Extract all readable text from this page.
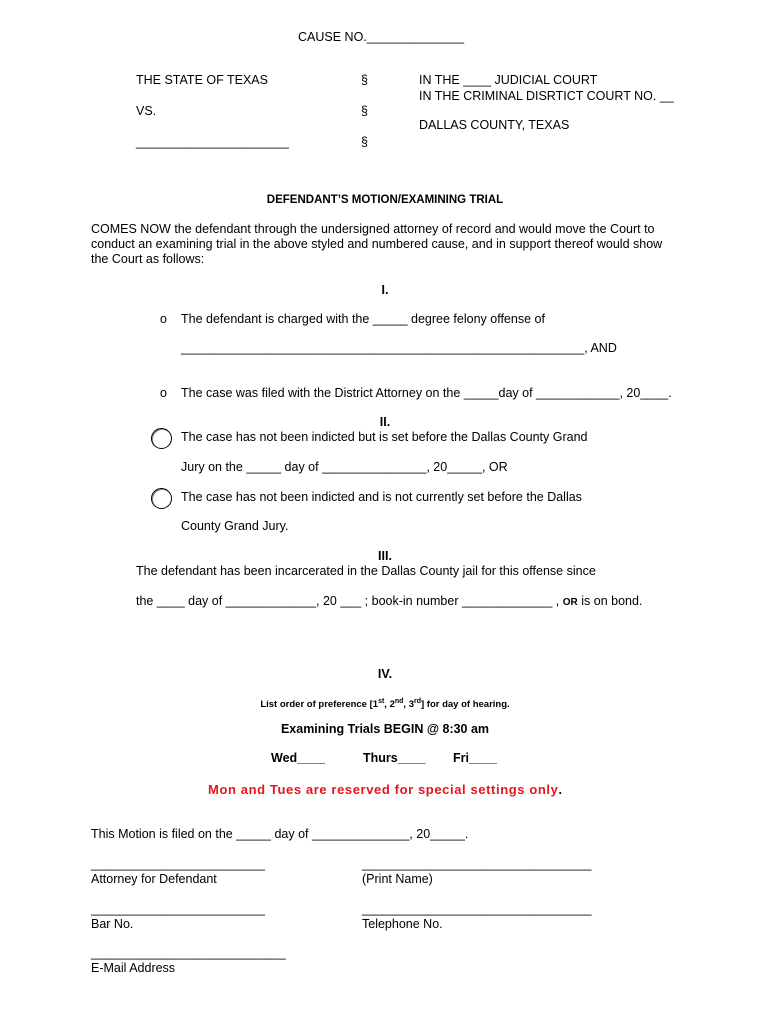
CAUSE NO.______________
THE STATE OF TEXAS
VS.
______________________
§
§
§
IN THE ____ JUDICIAL COURT
IN THE CRIMINAL DISRTICT COURT NO. __
DALLAS COUNTY, TEXAS
DEFENDANT’S MOTION/EXAMINING TRIAL
COMES NOW the defendant through the undersigned attorney of record and would move the Court to
conduct an examining trial in the above styled and numbered cause, and in support thereof would show
the Court as follows:
I.
o The defendant is charged with the _____ degree felony offense of
__________________________________________________________, AND
o The case was filed with the District Attorney on the _____day of ____________, 20____.
II.
The case has not been indicted but is set before the Dallas County Grand
Jury on the _____ day of _______________, 20_____, OR
The case has not been indicted and is not currently set before the Dallas
County Grand Jury.
III.
The defendant has been incarcerated in the Dallas County jail for this offense since
the ____ day of _____________, 20 ___ ; book-in number _____________ , OR is on bond.
IV.
List order of preference [1st, 2nd, 3rd] for day of hearing.
Examining Trials BEGIN @ 8:30 am
Wed____	Thurs____ Fri____
Mon and Tues are reserved for special settings only.
This Motion is filed on the _____ day of ______________, 20_____.
_________________________
Attorney for Defendant
_________________________________
(Print Name)
_________________________
Bar No.
_________________________________
Telephone No.
____________________________
E-Mail Address
